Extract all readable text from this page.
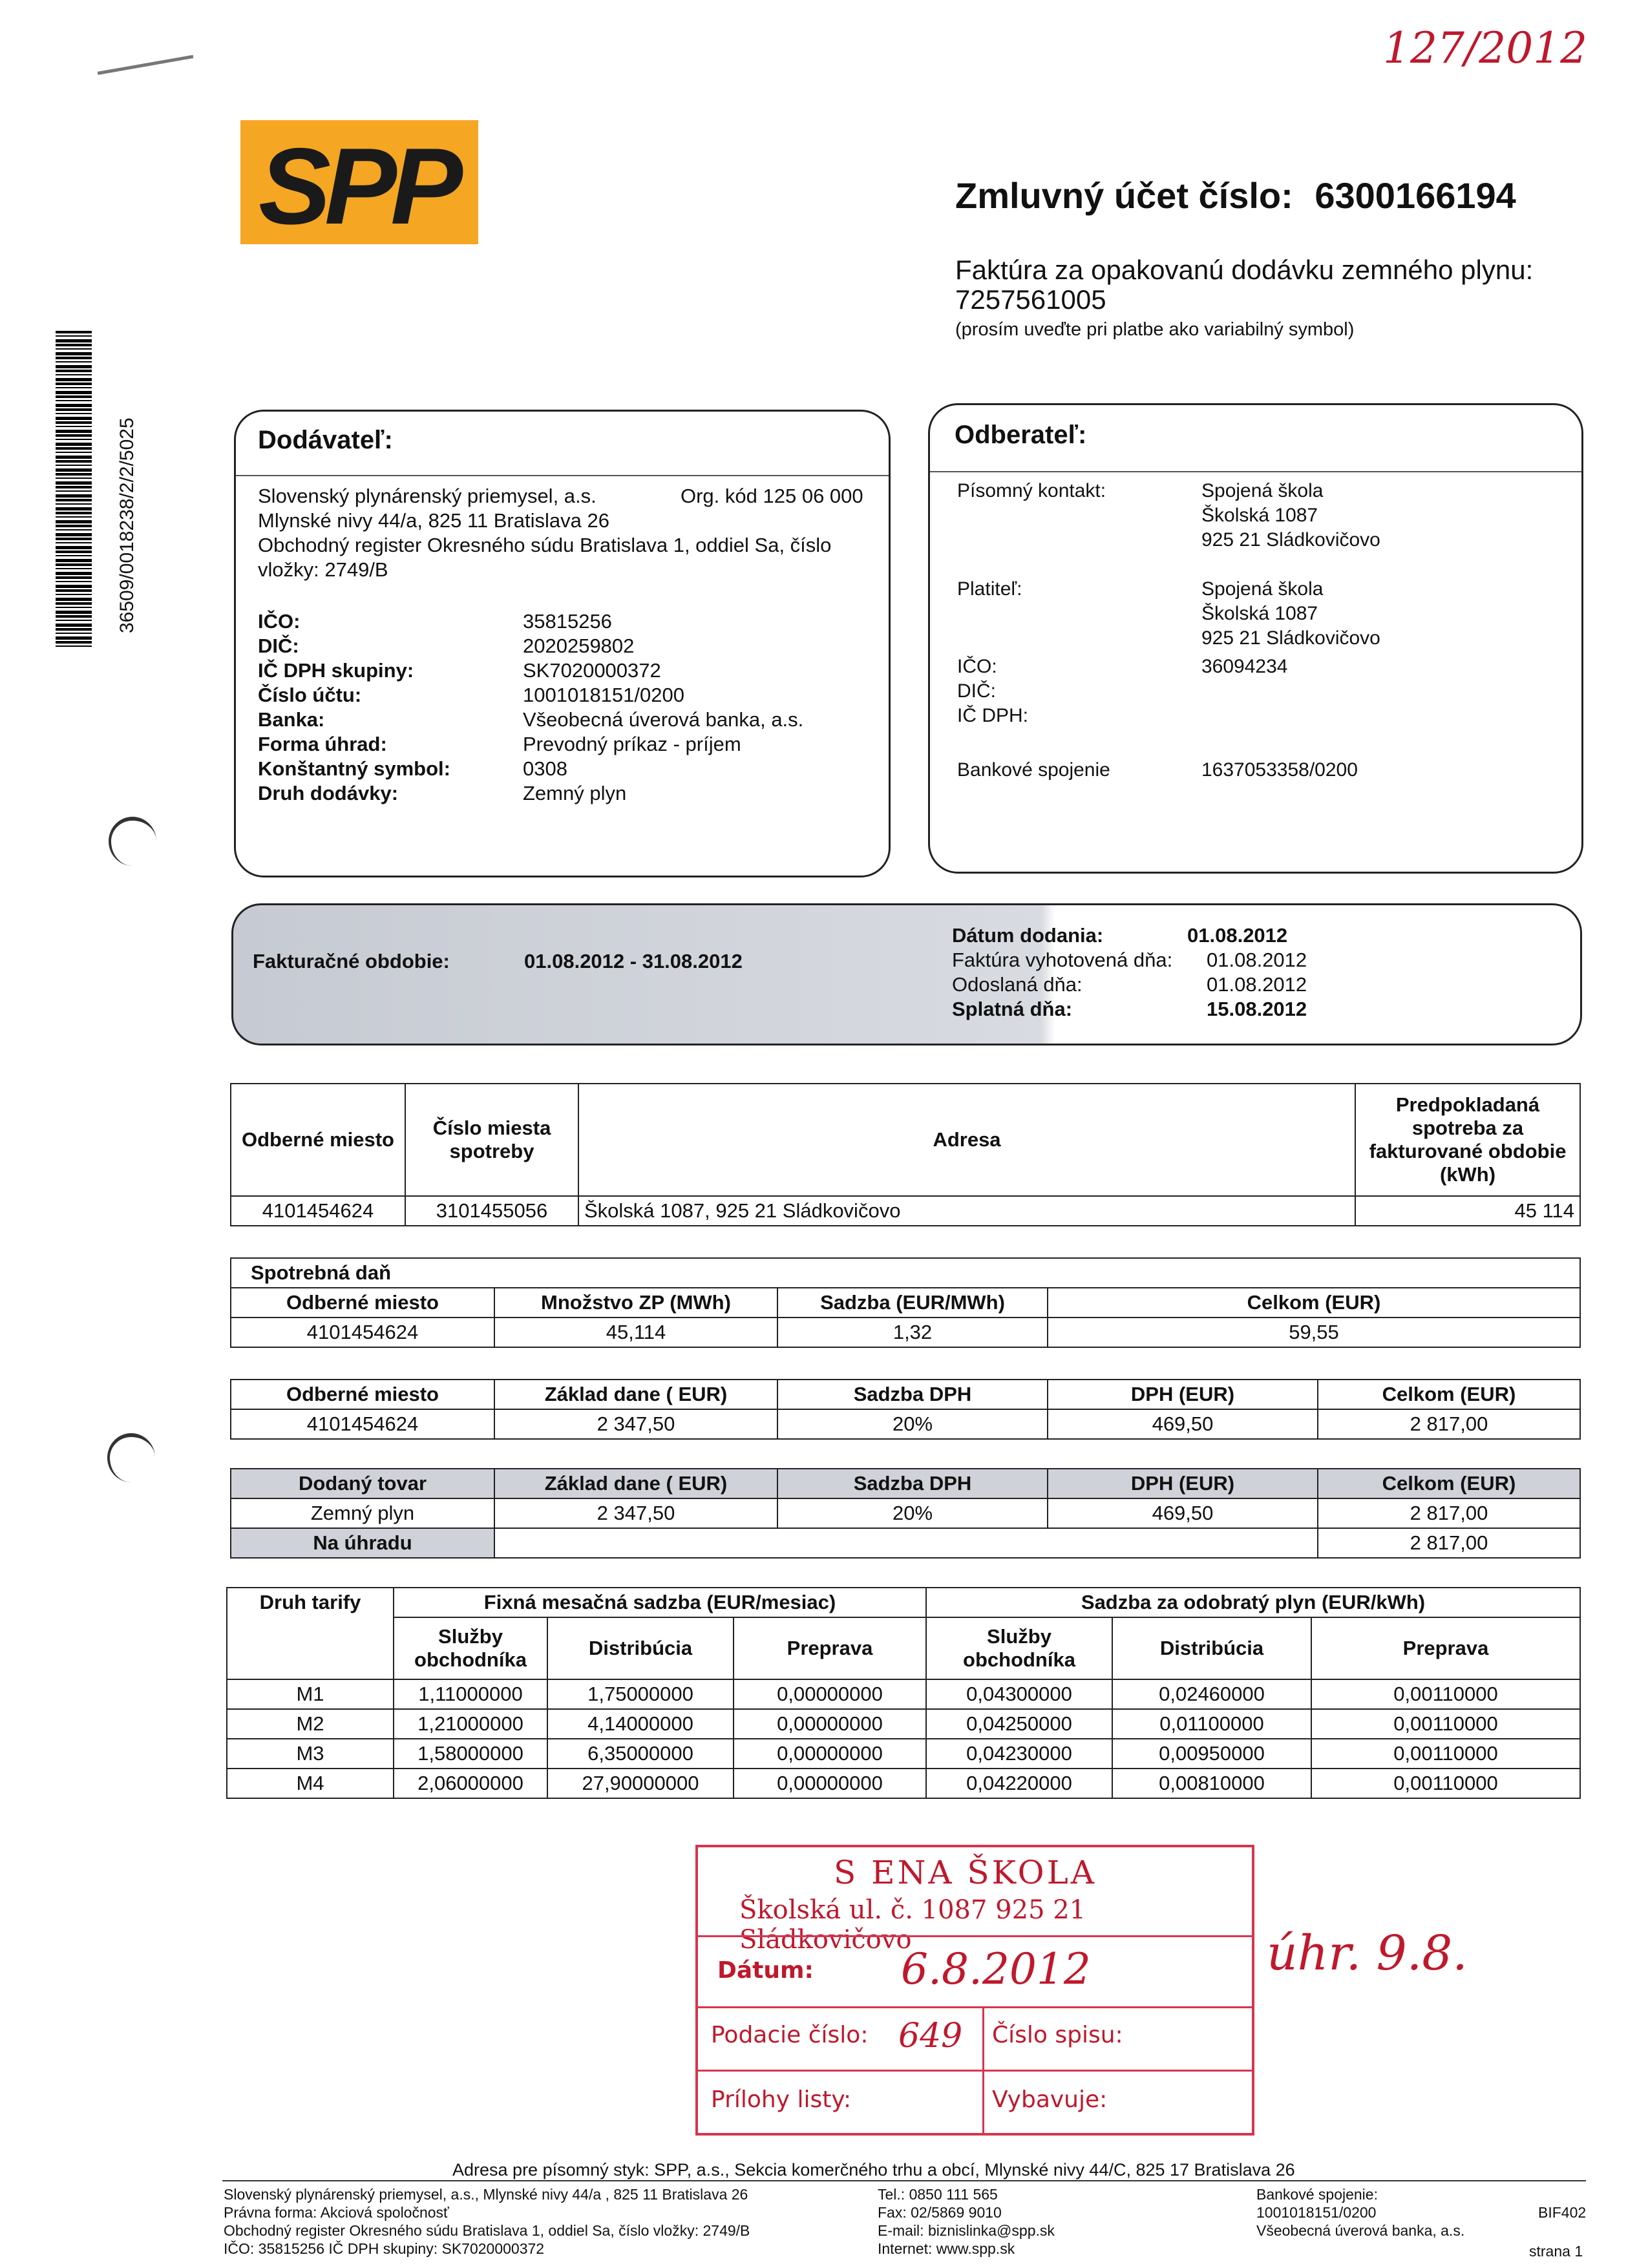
127/2012
SPP	Zmluvný účet číslo: 6300166194
Faktúra za opakovanú dodávku zemného plynu:
7257561005
(prosím uveďte pri platbe ako variabilný symbol)
36509/0018238/2/2/5025	Dodávateľ:
Slovenský plynárenský priemysel, a.s.	Org. kód 125 06 000
Mlynské nivy 44/a, 825 11 Bratislava 26
Obchodný register Okresného súdu Bratislava 1, oddiel Sa, číslo
vložky: 2749/B
IČO:	35815256
DIČ:	2020259802
IČ DPH skupiny:	SK7020000372
Číslo účtu:	1001018151/0200
Banka:	Všeobecná úverová banka, a.s.
Forma úhrad:	Prevodný príkaz - príjem
Konštantný symbol:	0308
Druh dodávky:	Zemný plyn
Odberateľ:
Písomný kontakt:	Spojená škola
Školská 1087
925 21 Sládkovičovo
Platiteľ:	Spojená škola
Školská 1087
925 21 Sládkovičovo
IČO:	36094234
DIČ:
IČ DPH:
Bankové spojenie	1637053358/0200
Fakturačné obdobie:	01.08.2012 - 31.08.2012
Dátum dodania:	01.08.2012
Faktúra vyhotovená dňa: 01.08.2012
Odoslaná dňa:	01.08.2012
Splatná dňa:	15.08.2012
Odberné miesto	Číslo miesta spotreby	Adresa	Predpokladaná spotreba za fakturované obdobie (kWh)
4101454624	3101455056	Školská 1087, 925 21 Sládkovičovo	45 114
Spotrebná daň			
Odberné miesto	Množstvo ZP (MWh)	Sadzba (EUR/MWh)	Celkom (EUR)
4101454624	45,114	1,32	59,55
Odberné miesto	Základ dane ( EUR)	Sadzba DPH	DPH (EUR)	Celkom (EUR)
4101454624	2 347,50	20%	469,50	2 817,00
Dodaný tovar	Základ dane ( EUR)	Sadzba DPH	DPH (EUR)	Celkom (EUR)
Zemný plyn	2 347,50	20%	469,50	2 817,00
Na úhradu				2 817,00
Druh tarify	Fixná mesačná sadzba (EUR/mesiac)			Sadzba za odobratý plyn (EUR/kWh)		
	Služby obchodníka	Distribúcia	Preprava	Služby obchodníka	Distribúcia	Preprava
M1	1,11000000	1,75000000	0,00000000	0,04300000	0,02460000	0,00110000
M2	1,21000000	4,14000000	0,00000000	0,04250000	0,01100000	0,00110000
M3	1,58000000	6,35000000	0,00000000	0,04230000	0,00950000	0,00110000
M4	2,06000000	27,90000000	0,00000000	0,04220000	0,00810000	0,00110000
S ENA ŠKOLA
Školská ul. č. 1087 925 21 Sládkovičovo
Dátum: 6.8.2012
Podacie číslo: 649 Číslo spisu:
Prílohy listy:	Vybavuje:
úhr. 9.8.
Adresa pre písomný styk: SPP, a.s., Sekcia komerčného trhu a obcí, Mlynské nivy 44/C, 825 17 Bratislava 26
Slovenský plynárenský priemysel, a.s., Mlynské nivy 44/a , 825 11 Bratislava 26
Právna forma: Akciová spoločnosť
Obchodný register Okresného súdu Bratislava 1, oddiel Sa, číslo vložky: 2749/B
IČO: 35815256 IČ DPH skupiny: SK7020000372
Tel.: 0850 111 565
Fax: 02/5869 9010
E-mail: biznislinka@spp.sk
Internet: www.spp.sk
Bankové spojenie:
1001018151/0200
Všeobecná úverová banka, a.s.
BIF402
strana 1
